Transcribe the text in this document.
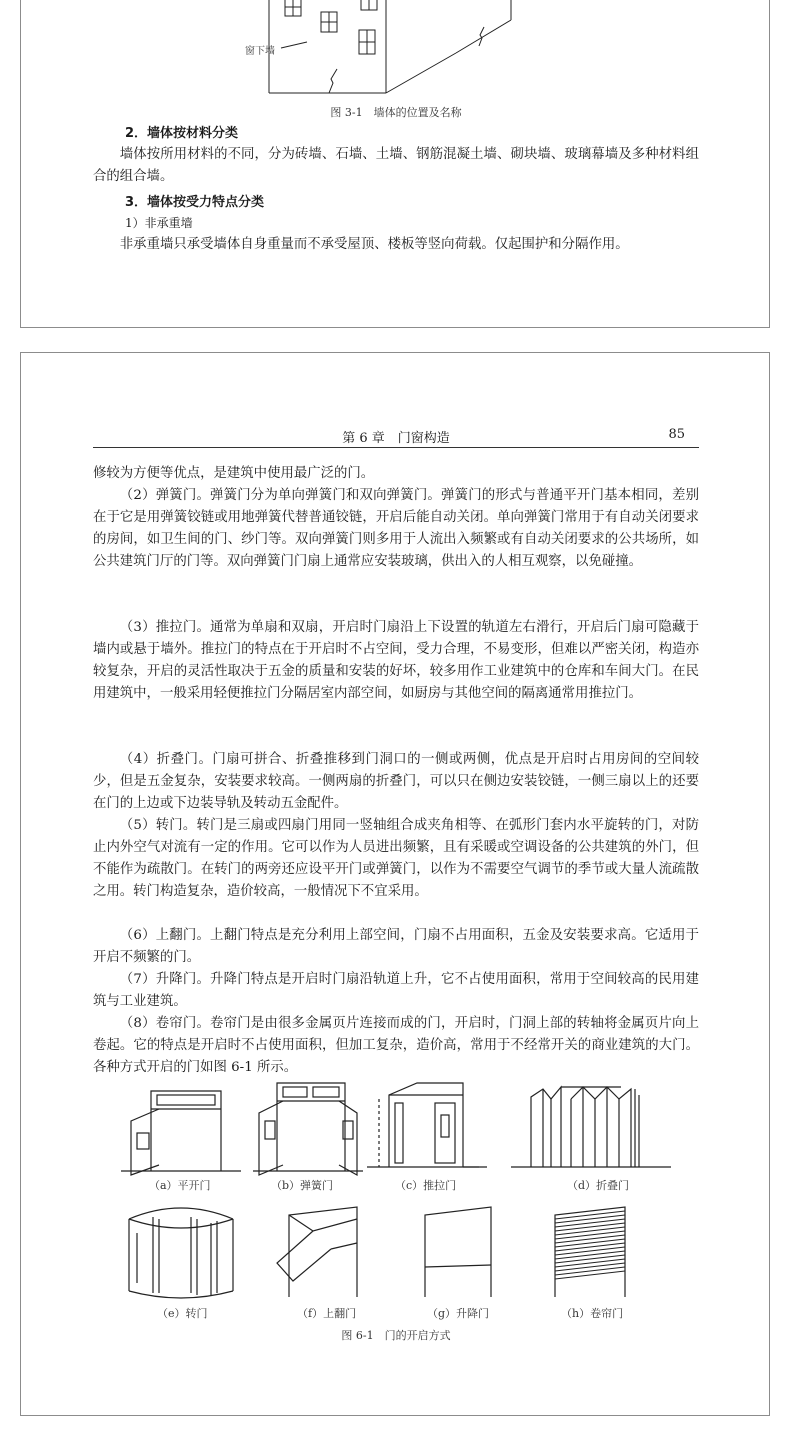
窗下墙
图 3-1　墙体的位置及名称
2．墙体按材料分类

墙体按所用材料的不同，分为砖墙、石墙、土墙、钢筋混凝土墙、砌块墙、玻璃幕墙及多种材料组合的组合墙。

3．墙体按受力特点分类
1）非承重墙

非承重墙只承受墙体自身重量而不承受屋顶、楼板等竖向荷载。仅起围护和分隔作用。

第 6 章　门窗构造	85

修较为方便等优点，是建筑中使用最广泛的门。

（2）弹簧门。弹簧门分为单向弹簧门和双向弹簧门。弹簧门的形式与普通平开门基本相同，差别在于它是用弹簧铰链或用地弹簧代替普通铰链，开启后能自动关闭。单向弹簧门常用于有自动关闭要求的房间，如卫生间的门、纱门等。双向弹簧门则多用于人流出入频繁或有自动关闭要求的公共场所，如公共建筑门厅的门等。双向弹簧门门扇上通常应安装玻璃，供出入的人相互观察，以免碰撞。

（3）推拉门。通常为单扇和双扇，开启时门扇沿上下设置的轨道左右滑行，开启后门扇可隐藏于墙内或悬于墙外。推拉门的特点在于开启时不占空间，受力合理，不易变形，但难以严密关闭，构造亦较复杂，开启的灵活性取决于五金的质量和安装的好坏，较多用作工业建筑中的仓库和车间大门。在民用建筑中，一般采用轻便推拉门分隔居室内部空间，如厨房与其他空间的隔离通常用推拉门。

（4）折叠门。门扇可拼合、折叠推移到门洞口的一侧或两侧，优点是开启时占用房间的空间较少，但是五金复杂，安装要求较高。一侧两扇的折叠门，可以只在侧边安装铰链，一侧三扇以上的还要在门的上边或下边装导轨及转动五金配件。

（5）转门。转门是三扇或四扇门用同一竖轴组合成夹角相等、在弧形门套内水平旋转的门，对防止内外空气对流有一定的作用。它可以作为人员进出频繁，且有采暖或空调设备的公共建筑的外门，但不能作为疏散门。在转门的两旁还应设平开门或弹簧门，以作为不需要空气调节的季节或大量人流疏散之用。转门构造复杂，造价较高，一般情况下不宜采用。

（6）上翻门。上翻门特点是充分利用上部空间，门扇不占用面积，五金及安装要求高。它适用于开启不频繁的门。

（7）升降门。升降门特点是开启时门扇沿轨道上升，它不占使用面积，常用于空间较高的民用建筑与工业建筑。

（8）卷帘门。卷帘门是由很多金属页片连接而成的门，开启时，门洞上部的转轴将金属页片向上卷起。它的特点是开启时不占使用面积，但加工复杂，造价高，常用于不经常开关的商业建筑的大门。各种方式开启的门如图 6-1 所示。

（a）平开门	（b）弹簧门	（c）推拉门	（d）折叠门
（e）转门	（f）上翻门	（g）升降门	（h）卷帘门
图 6-1　门的开启方式
